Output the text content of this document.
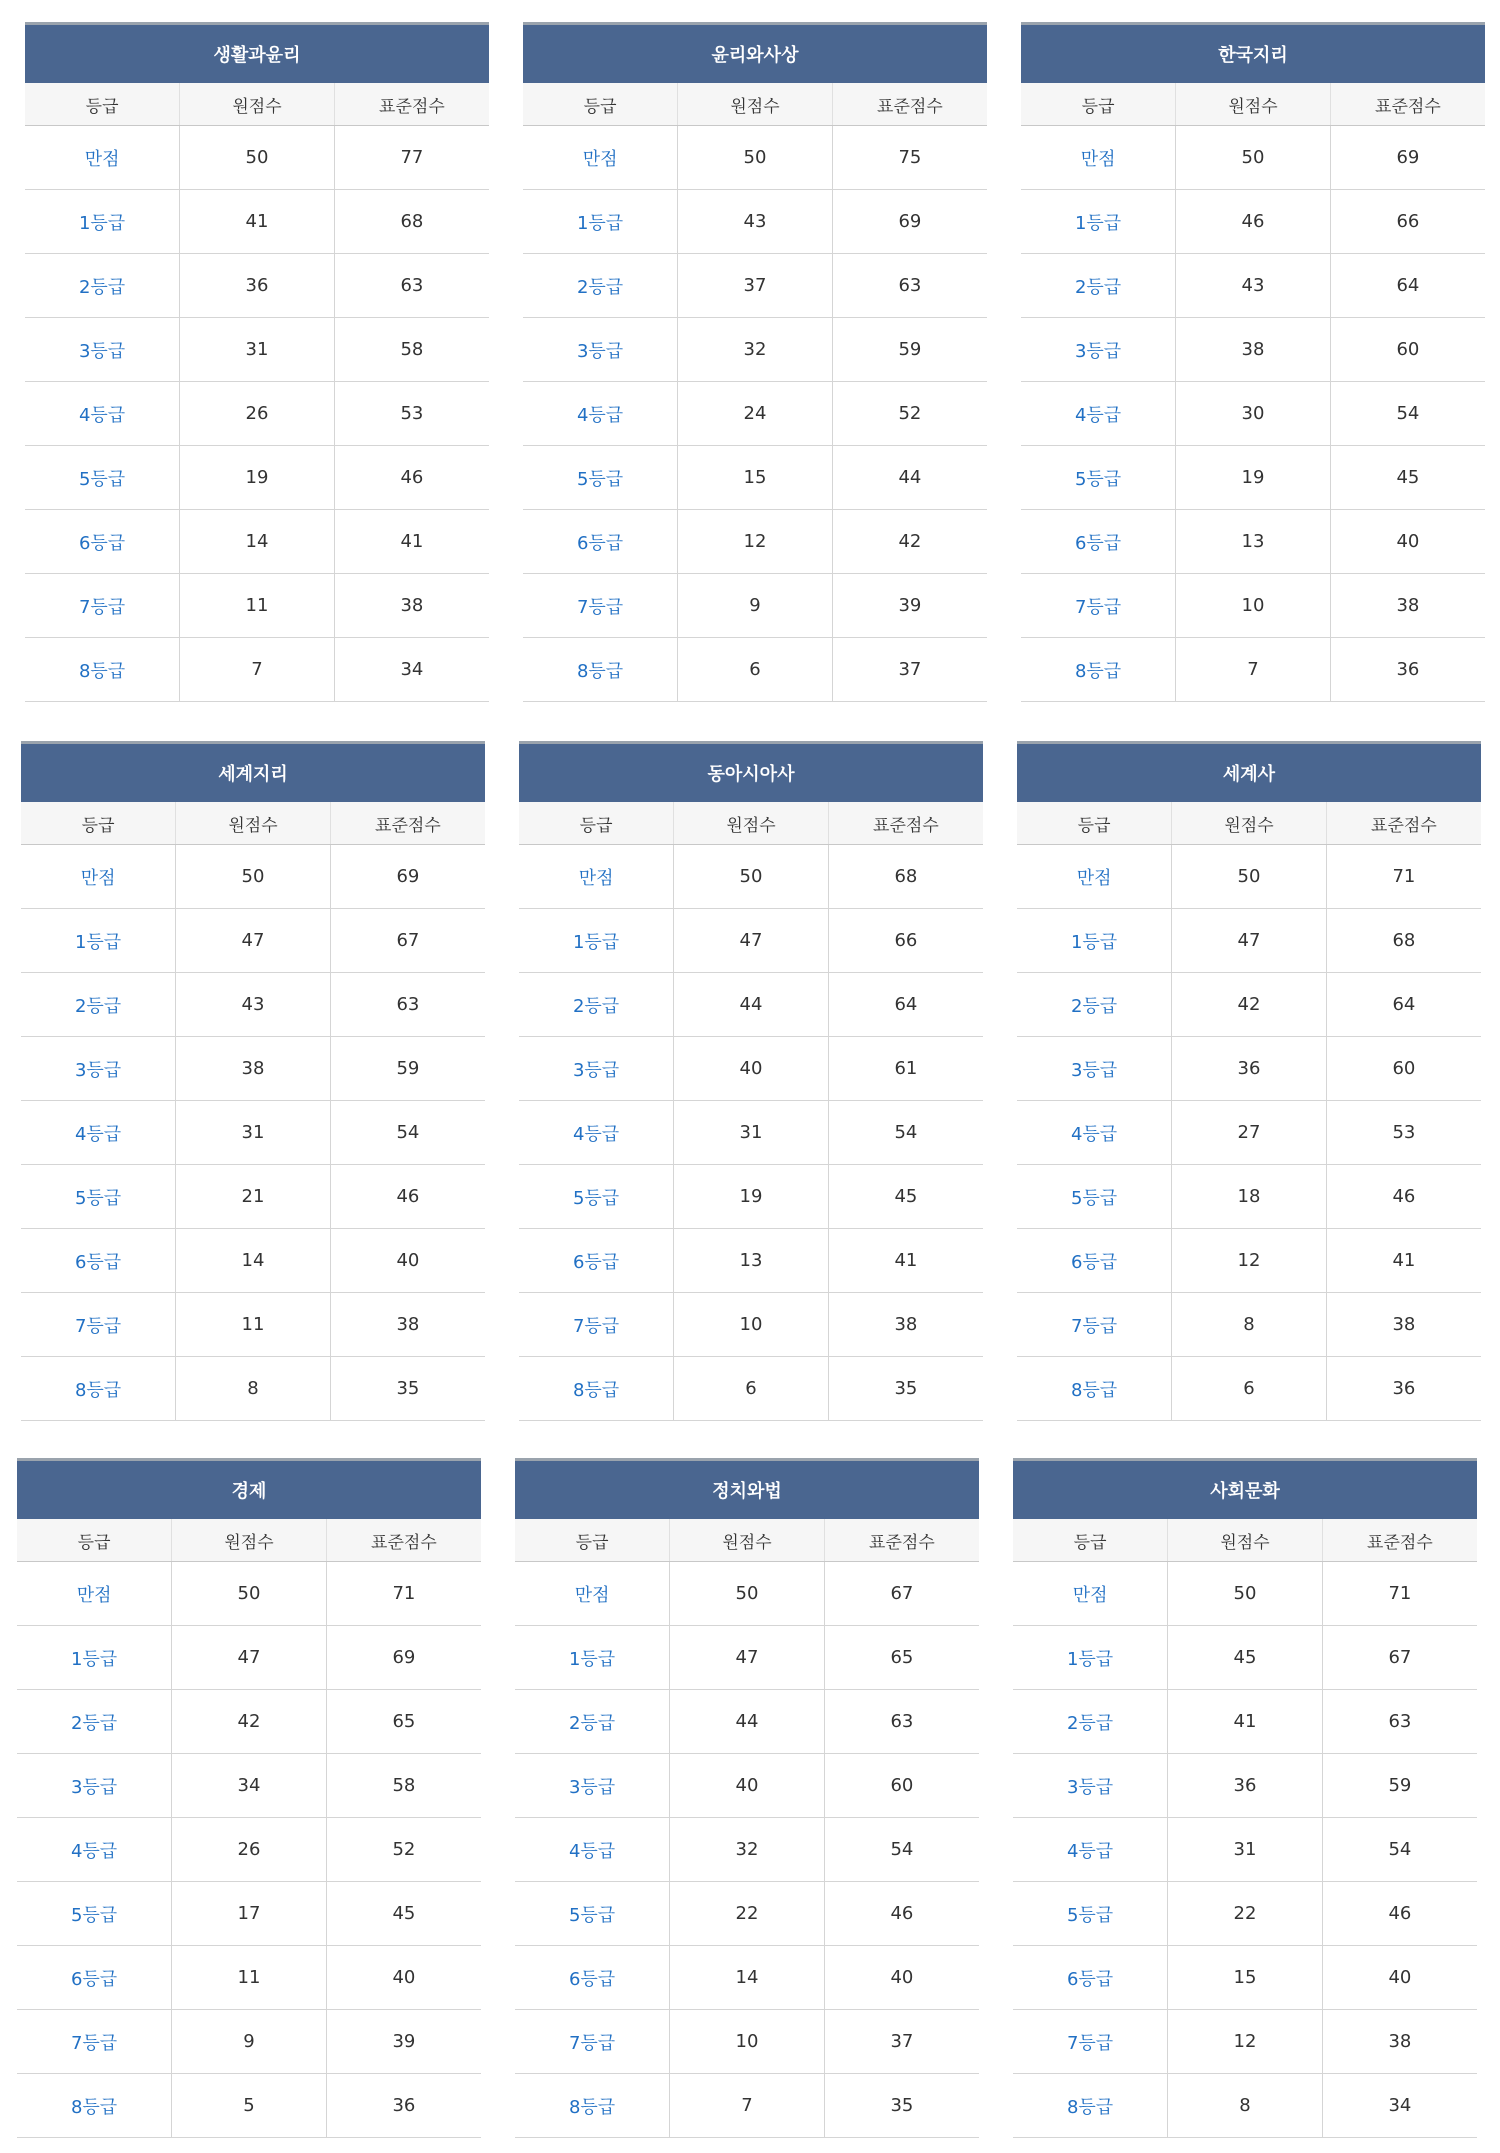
생활과윤리		
등급	원점수	표준점수
만점	50	77
1등급	41	68
2등급	36	63
3등급	31	58
4등급	26	53
5등급	19	46
6등급	14	41
7등급	11	38
8등급	7	34
윤리와사상		
등급	원점수	표준점수
만점	50	75
1등급	43	69
2등급	37	63
3등급	32	59
4등급	24	52
5등급	15	44
6등급	12	42
7등급	9	39
8등급	6	37
한국지리		
등급	원점수	표준점수
만점	50	69
1등급	46	66
2등급	43	64
3등급	38	60
4등급	30	54
5등급	19	45
6등급	13	40
7등급	10	38
8등급	7	36
세계지리		
등급	원점수	표준점수
만점	50	69
1등급	47	67
2등급	43	63
3등급	38	59
4등급	31	54
5등급	21	46
6등급	14	40
7등급	11	38
8등급	8	35
동아시아사		
등급	원점수	표준점수
만점	50	68
1등급	47	66
2등급	44	64
3등급	40	61
4등급	31	54
5등급	19	45
6등급	13	41
7등급	10	38
8등급	6	35
세계사		
등급	원점수	표준점수
만점	50	71
1등급	47	68
2등급	42	64
3등급	36	60
4등급	27	53
5등급	18	46
6등급	12	41
7등급	8	38
8등급	6	36
경제		
등급	원점수	표준점수
만점	50	71
1등급	47	69
2등급	42	65
3등급	34	58
4등급	26	52
5등급	17	45
6등급	11	40
7등급	9	39
8등급	5	36
정치와법		
등급	원점수	표준점수
만점	50	67
1등급	47	65
2등급	44	63
3등급	40	60
4등급	32	54
5등급	22	46
6등급	14	40
7등급	10	37
8등급	7	35
사회문화		
등급	원점수	표준점수
만점	50	71
1등급	45	67
2등급	41	63
3등급	36	59
4등급	31	54
5등급	22	46
6등급	15	40
7등급	12	38
8등급	8	34
